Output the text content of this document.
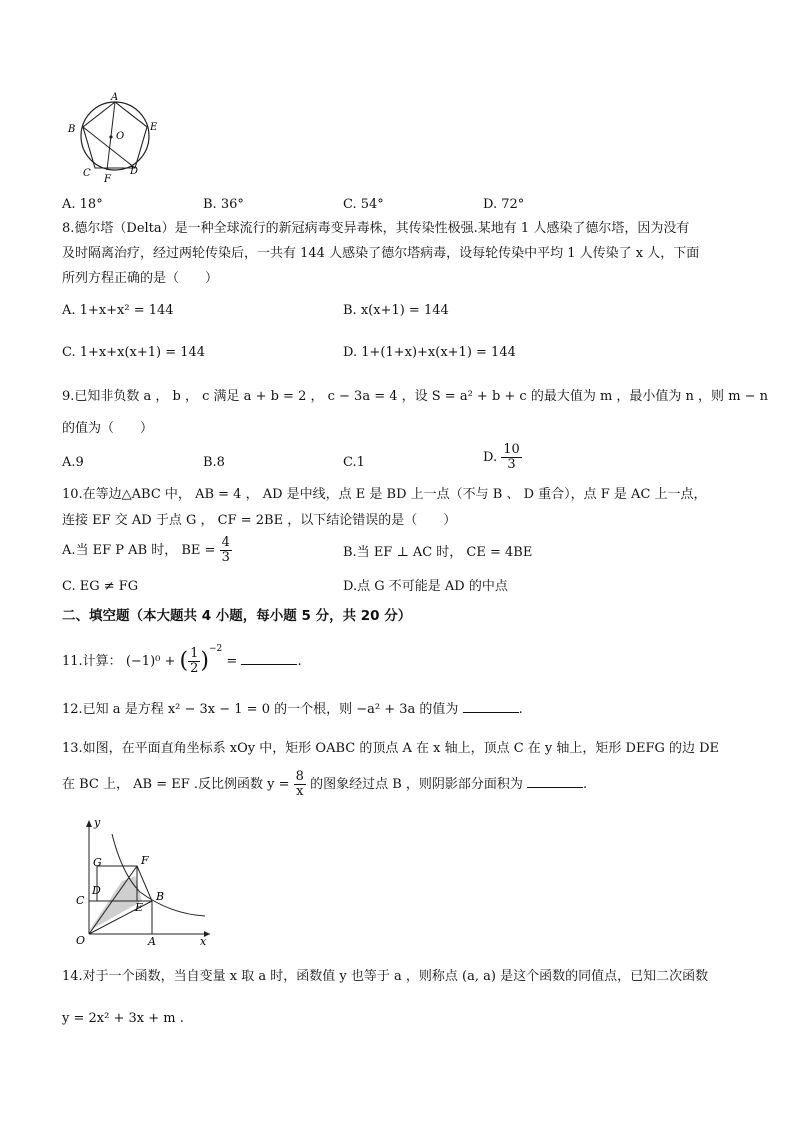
A
B	E
O
C	D
F
A. 18°	B. 36°	C. 54°	D. 72°
8.德尔塔（Delta）是一种全球流行的新冠病毒变异毒株，其传染性极强.某地有 1 人感染了德尔塔，因为没有
及时隔离治疗，经过两轮传染后，一共有 144 人感染了德尔塔病毒，设每轮传染中平均 1 人传染了 x 人，下面
所列方程正确的是（　　）
A. 1+x+x² = 144	B. x(x+1) = 144
C. 1+x+x(x+1) = 144	D. 1+(1+x)+x(x+1) = 144
9.已知非负数 a ， b ， c 满足 a + b = 2 ， c − 3a = 4 ，设 S = a² + b + c 的最大值为 m ，最小值为 n ，则 m − n
的值为（　　）
A.9	B.8	C.1	D. $\frac{10}{3}$
10.在等边△ABC 中， AB = 4 ， AD 是中线，点 E 是 BD 上一点（不与 B 、 D 重合），点 F 是 AC 上一点，
连接 EF 交 AD 于点 G ， CF = 2BE ，以下结论错误的是（　　）
A.当 EF P AB 时， BE = $\frac{4}{3}$	B.当 EF ⊥ AC 时， CE = 4BE
C. EG ≠ FG	D.点 G 不可能是 AD 的中点
二、填空题（本大题共 4 小题，每小题 5 分，共 20 分）
11.计算： (−1)⁰ + ( $\frac{1}{2} )^{-2}$ =	.
12.已知 a 是方程 x² − 3x − 1 = 0 的一个根，则 −a² + 3a 的值为	.
13.如图，在平面直角坐标系 xOy 中，矩形 OABC 的顶点 A 在 x 轴上，顶点 C 在 y 轴上，矩形 DEFG 的边 DE
在 BC 上， AB = EF .反比例函数 $y = \frac{8}{x}$ 的图象经过点 B ，则阴影部分面积为	.
y
x
O	A
B
C
D
E
F
G
14.对于一个函数，当自变量 x 取 a 时，函数值 y 也等于 a ，则称点 (a, a) 是这个函数的同值点，已知二次函数
y = 2x² + 3x + m .
